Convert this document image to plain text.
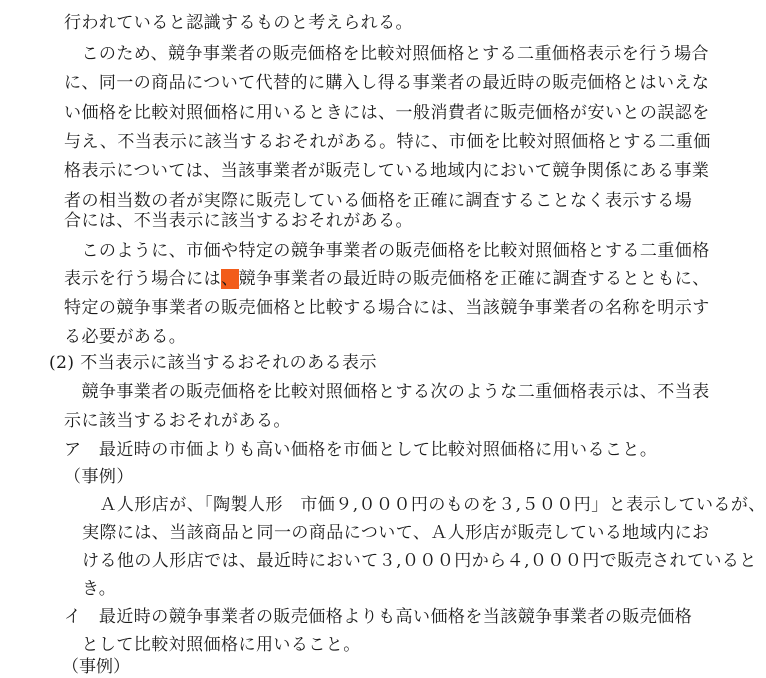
行われていると認識するものと考えられる。
　このため、競争事業者の販売価格を比較対照価格とする二重価格表示を行う場合
に、同一の商品について代替的に購入し得る事業者の最近時の販売価格とはいえな
い価格を比較対照価格に用いるときには、一般消費者に販売価格が安いとの誤認を
与え、不当表示に該当するおそれがある。特に、市価を比較対照価格とする二重価
格表示については、当該事業者が販売している地域内において競争関係にある事業
者の相当数の者が実際に販売している価格を正確に調査することなく表示する場
合には、不当表示に該当するおそれがある。
　このように、市価や特定の競争事業者の販売価格を比較対照価格とする二重価格
表示を行う場合には、競争事業者の最近時の販売価格を正確に調査するとともに、
特定の競争事業者の販売価格と比較する場合には、当該競争事業者の名称を明示す
る必要がある。
(2) 不当表示に該当するおそれのある表示
　競争事業者の販売価格を比較対照価格とする次のような二重価格表示は、不当表
示に該当するおそれがある。
ア　最近時の市価よりも高い価格を市価として比較対照価格に用いること。
（事例）
　Ａ人形店が、「陶製人形　市価９,０００円のものを３,５００円」と表示しているが、
実際には、当該商品と同一の商品について、Ａ人形店が販売している地域内にお
ける他の人形店では、最近時において３,０００円から４,０００円で販売されていると
き。
イ　最近時の競争事業者の販売価格よりも高い価格を当該競争事業者の販売価格
　として比較対照価格に用いること。
（事例）
